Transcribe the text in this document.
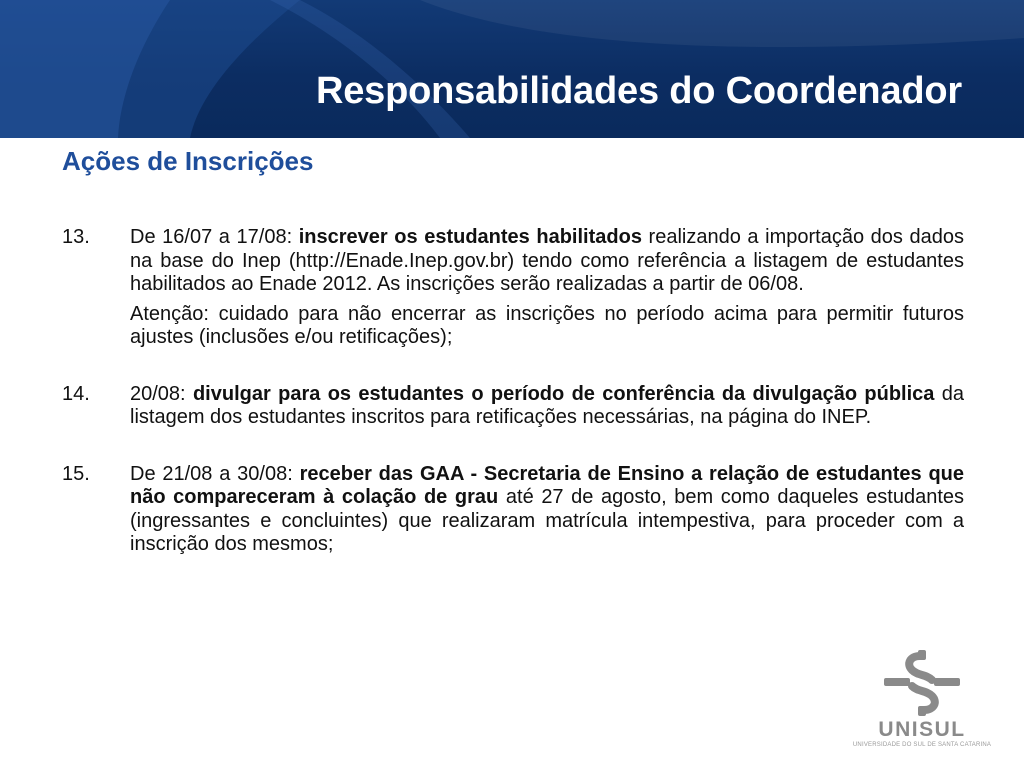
Responsabilidades do Coordenador
Ações de Inscrições
13. De 16/07 a 17/08: inscrever os estudantes habilitados realizando a importação dos dados na base do Inep (http://Enade.Inep.gov.br) tendo como referência a listagem de estudantes habilitados ao Enade 2012. As inscrições serão realizadas a partir de 06/08.

Atenção: cuidado para não encerrar as inscrições no período acima para permitir futuros ajustes (inclusões e/ou retificações);

14. 20/08: divulgar para os estudantes o período de conferência da divulgação pública da listagem dos estudantes inscritos para retificações necessárias, na página do INEP.

15. De 21/08 a 30/08: receber das GAA - Secretaria de Ensino a relação de estudantes que não compareceram à colação de grau até 27 de agosto, bem como daqueles estudantes (ingressantes e concluintes) que realizaram matrícula intempestiva, para proceder com a inscrição dos mesmos;

UNISUL
UNIVERSIDADE DO SUL DE SANTA CATARINA
